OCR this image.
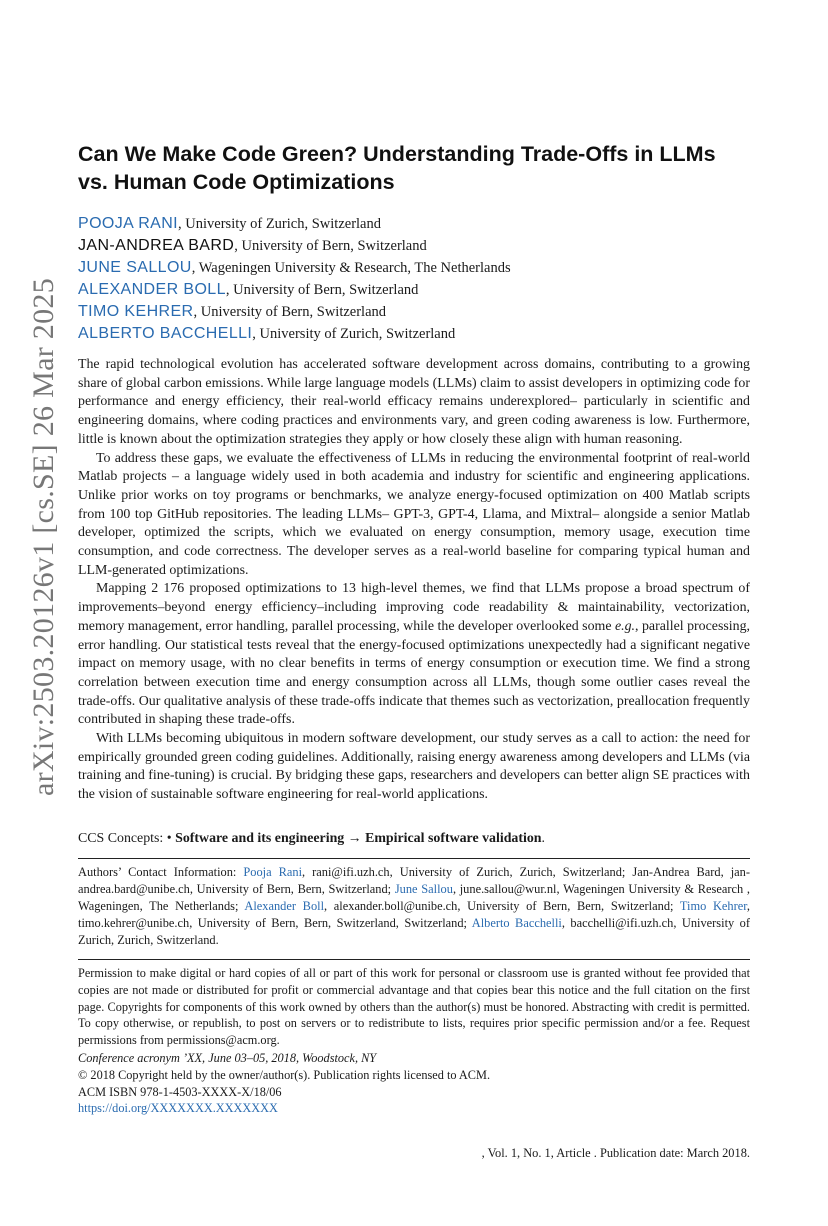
arXiv:2503.20126v1 [cs.SE] 26 Mar 2025
Can We Make Code Green? Understanding Trade-Offs in LLMs vs. Human Code Optimizations
POOJA RANI, University of Zurich, Switzerland
JAN-ANDREA BARD, University of Bern, Switzerland
JUNE SALLOU, Wageningen University & Research, The Netherlands
ALEXANDER BOLL, University of Bern, Switzerland
TIMO KEHRER, University of Bern, Switzerland
ALBERTO BACCHELLI, University of Zurich, Switzerland

The rapid technological evolution has accelerated software development across domains, contributing to a growing share of global carbon emissions. While large language models (LLMs) claim to assist developers in optimizing code for performance and energy efficiency, their real-world efficacy remains underexplored– particularly in scientific and engineering domains, where coding practices and environments vary, and green coding awareness is low. Furthermore, little is known about the optimization strategies they apply or how closely these align with human reasoning.

To address these gaps, we evaluate the effectiveness of LLMs in reducing the environmental footprint of real-world Matlab projects – a language widely used in both academia and industry for scientific and engineering applications. Unlike prior works on toy programs or benchmarks, we analyze energy-focused optimization on 400 Matlab scripts from 100 top GitHub repositories. The leading LLMs– GPT-3, GPT-4, Llama, and Mixtral– alongside a senior Matlab developer, optimized the scripts, which we evaluated on energy consumption, memory usage, execution time consumption, and code correctness. The developer serves as a real-world baseline for comparing typical human and LLM-generated optimizations.

Mapping 2 176 proposed optimizations to 13 high-level themes, we find that LLMs propose a broad spectrum of improvements–beyond energy efficiency–including improving code readability & maintainability, vectorization, memory management, error handling, parallel processing, while the developer overlooked some e.g., parallel processing, error handling. Our statistical tests reveal that the energy-focused optimizations unexpectedly had a significant negative impact on memory usage, with no clear benefits in terms of energy consumption or execution time. We find a strong correlation between execution time and energy consumption across all LLMs, though some outlier cases reveal the trade-offs. Our qualitative analysis of these trade-offs indicate that themes such as vectorization, preallocation frequently contributed in shaping these trade-offs.

With LLMs becoming ubiquitous in modern software development, our study serves as a call to action: the need for empirically grounded green coding guidelines. Additionally, raising energy awareness among developers and LLMs (via training and fine-tuning) is crucial. By bridging these gaps, researchers and developers can better align SE practices with the vision of sustainable software engineering for real-world applications.

CCS Concepts: • Software and its engineering → Empirical software validation.
Authors’ Contact Information: Pooja Rani, rani@ifi.uzh.ch, University of Zurich, Zurich, Switzerland; Jan-Andrea Bard, jan-andrea.bard@unibe.ch, University of Bern, Bern, Switzerland; June Sallou, june.sallou@wur.nl, Wageningen University & Research , Wageningen, The Netherlands; Alexander Boll, alexander.boll@unibe.ch, University of Bern, Bern, Switzerland; Timo Kehrer, timo.kehrer@unibe.ch, University of Bern, Bern, Switzerland, Switzerland; Alberto Bacchelli, bacchelli@ifi.uzh.ch, University of Zurich, Zurich, Switzerland.

Permission to make digital or hard copies of all or part of this work for personal or classroom use is granted without fee provided that copies are not made or distributed for profit or commercial advantage and that copies bear this notice and the full citation on the first page. Copyrights for components of this work owned by others than the author(s) must be honored. Abstracting with credit is permitted. To copy otherwise, or republish, to post on servers or to redistribute to lists, requires prior specific permission and/or a fee. Request permissions from permissions@acm.org.

Conference acronym ’XX, June 03–05, 2018, Woodstock, NY

© 2018 Copyright held by the owner/author(s). Publication rights licensed to ACM.

ACM ISBN 978-1-4503-XXXX-X/18/06

https://doi.org/XXXXXXX.XXXXXXX

, Vol. 1, No. 1, Article . Publication date: March 2018.
